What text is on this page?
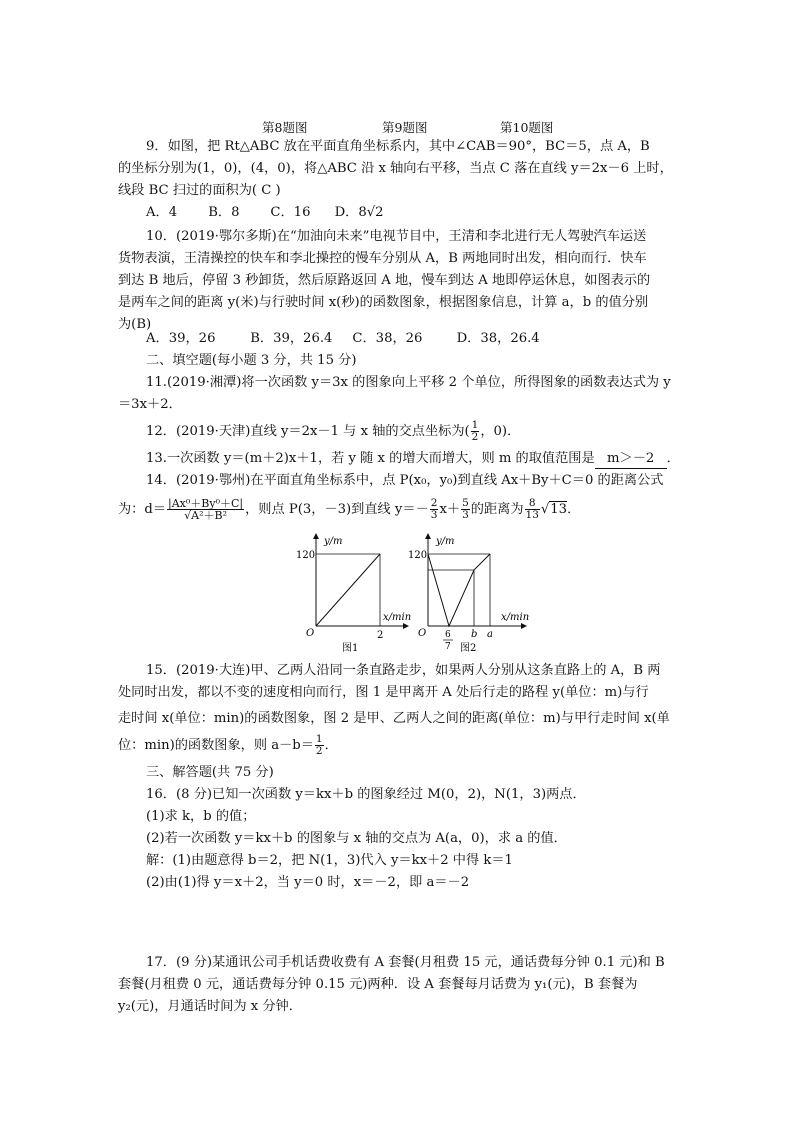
第8题图	第9题图	第10题图
9．如图，把 Rt△ABC 放在平面直角坐标系内，其中∠CAB＝90°，BC＝5，点 A，B
的坐标分别为(1，0)，(4，0)，将△ABC 沿 x 轴向右平移，当点 C 落在直线 y＝2x－6 上时，
线段 BC 扫过的面积为( C )
A．4 B．8 C．16 D．8√2
10．(2019·鄂尔多斯)在“加油向未来”电视节目中，王清和李北进行无人驾驶汽车运送
货物表演，王清操控的快车和李北操控的慢车分别从 A，B 两地同时出发，相向而行．快车
到达 B 地后，停留 3 秒卸货，然后原路返回 A 地，慢车到达 A 地即停运休息，如图表示的
是两车之间的距离 y(米)与行驶时间 x(秒)的函数图象，根据图象信息，计算 a，b 的值分别
为(B)
A．39，26	B．39，26.4 C．38，26	D．38，26.4
二、填空题(每小题 3 分，共 15 分)
11.(2019·湘潭)将一次函数 y＝3x 的图象向上平移 2 个单位，所得图象的函数表达式为 y
＝3x＋2．
12．(2019·天津)直线 y＝2x－1 与 x 轴的交点坐标为( $\frac{1}{2}$ ，0)．
13.一次函数 y＝(m＋2)x＋1，若 y 随 x 的增大而增大，则 m 的取值范围是 m＞－2 ．
14．(2019·鄂州)在平面直角坐标系中，点 P(x₀，y₀)到直线 Ax＋By＋C＝0 的距离公式
为：$d= \frac{\text{|Ax⁰＋By⁰＋C|}}{\text{√A²＋B²}}$ ，则点 P(3，－3)到直线 $y=- \frac{2}{3} x+ \frac{5}{3}$ 的距离为 $\frac{8}{13} √13$．
y/m
x/min
120
2
O
图1
y/m
x/min
120
6
7
b a
O
图2
15．(2019·大连)甲、乙两人沿同一条直路走步，如果两人分别从这条直路上的 A，B 两
处同时出发，都以不变的速度相向而行，图 1 是甲离开 A 处后行走的路程 y(单位：m)与行
走时间 x(单位：min)的函数图象，图 2 是甲、乙两人之间的距离(单位：m)与甲行走时间 x(单
位：min)的函数图象，则 $a-b= \frac{1}{2}$ ．
三、解答题(共 75 分)
16．(8 分)已知一次函数 y＝kx＋b 的图象经过 M(0，2)，N(1，3)两点．
(1)求 k，b 的值；
(2)若一次函数 y＝kx＋b 的图象与 x 轴的交点为 A(a，0)，求 a 的值．
解：(1)由题意得 b＝2，把 N(1，3)代入 y＝kx＋2 中得 k＝1
(2)由(1)得 y＝x＋2，当 y＝0 时，x＝－2，即 a＝－2
17．(9 分)某通讯公司手机话费收费有 A 套餐(月租费 15 元，通话费每分钟 0.1 元)和 B
套餐(月租费 0 元，通话费每分钟 0.15 元)两种．设 A 套餐每月话费为 y₁(元)，B 套餐为
y₂(元)，月通话时间为 x 分钟．
